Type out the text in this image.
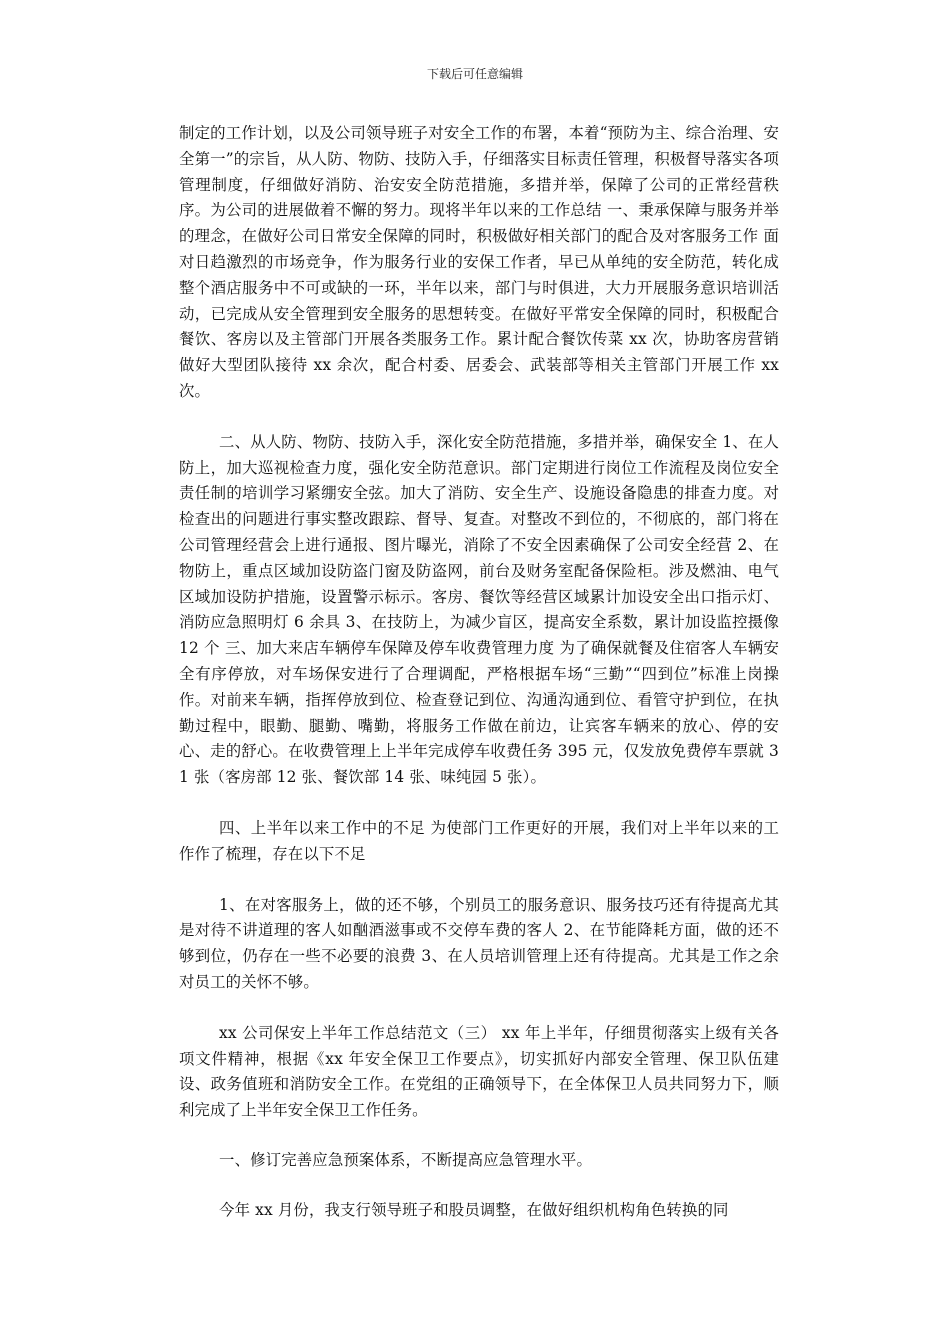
下载后可任意编辑

制定的工作计划，以及公司领导班子对安全工作的布署，本着“预防为主、综合治理、安全第一”的宗旨，从人防、物防、技防入手，仔细落实目标责任管理，积极督导落实各项管理制度，仔细做好消防、治安安全防范措施，多措并举，保障了公司的正常经营秩序。为公司的进展做着不懈的努力。现将半年以来的工作总结 一、秉承保障与服务并举的理念，在做好公司日常安全保障的同时，积极做好相关部门的配合及对客服务工作 面对日趋激烈的市场竞争，作为服务行业的安保工作者，早已从单纯的安全防范，转化成整个酒店服务中不可或缺的一环，半年以来，部门与时俱进，大力开展服务意识培训活动，已完成从安全管理到安全服务的思想转变。在做好平常安全保障的同时，积极配合餐饮、客房以及主管部门开展各类服务工作。累计配合餐饮传菜 xx 次，协助客房营销做好大型团队接待 xx 余次，配合村委、居委会、武装部等相关主管部门开展工作 xx 次。

二、从人防、物防、技防入手，深化安全防范措施，多措并举，确保安全 1、在人防上，加大巡视检查力度，强化安全防范意识。部门定期进行岗位工作流程及岗位安全责任制的培训学习紧绷安全弦。加大了消防、安全生产、设施设备隐患的排查力度。对检查出的问题进行事实整改跟踪、督导、复查。对整改不到位的，不彻底的，部门将在公司管理经营会上进行通报、图片曝光，消除了不安全因素确保了公司安全经营 2、在物防上，重点区域加设防盗门窗及防盗网，前台及财务室配备保险柜。涉及燃油、电气区域加设防护措施，设置警示标示。客房、餐饮等经营区域累计加设安全出口指示灯、消防应急照明灯 6 余具 3、在技防上，为减少盲区，提高安全系数，累计加设监控摄像 12 个 三、加大来店车辆停车保障及停车收费管理力度 为了确保就餐及住宿客人车辆安全有序停放，对车场保安进行了合理调配，严格根据车场“三勤”“四到位”标准上岗操作。对前来车辆，指挥停放到位、检查登记到位、沟通沟通到位、看管守护到位，在执勤过程中，眼勤、腿勤、嘴勤，将服务工作做在前边，让宾客车辆来的放心、停的安心、走的舒心。在收费管理上上半年完成停车收费任务 395 元，仅发放免费停车票就 31 张（客房部 12 张、餐饮部 14 张、味纯园 5 张）。

四、上半年以来工作中的不足 为使部门工作更好的开展，我们对上半年以来的工作作了梳理，存在以下不足

1、在对客服务上，做的还不够，个别员工的服务意识、服务技巧还有待提高尤其是对待不讲道理的客人如酗酒滋事或不交停车费的客人 2、在节能降耗方面，做的还不够到位，仍存在一些不必要的浪费 3、在人员培训管理上还有待提高。尤其是工作之余对员工的关怀不够。

xx 公司保安上半年工作总结范文（三） xx 年上半年，仔细贯彻落实上级有关各项文件精神，根据《xx 年安全保卫工作要点》，切实抓好内部安全管理、保卫队伍建设、政务值班和消防安全工作。在党组的正确领导下，在全体保卫人员共同努力下，顺利完成了上半年安全保卫工作任务。

一、修订完善应急预案体系，不断提高应急管理水平。

今年 xx 月份，我支行领导班子和股员调整，在做好组织机构角色转换的同
